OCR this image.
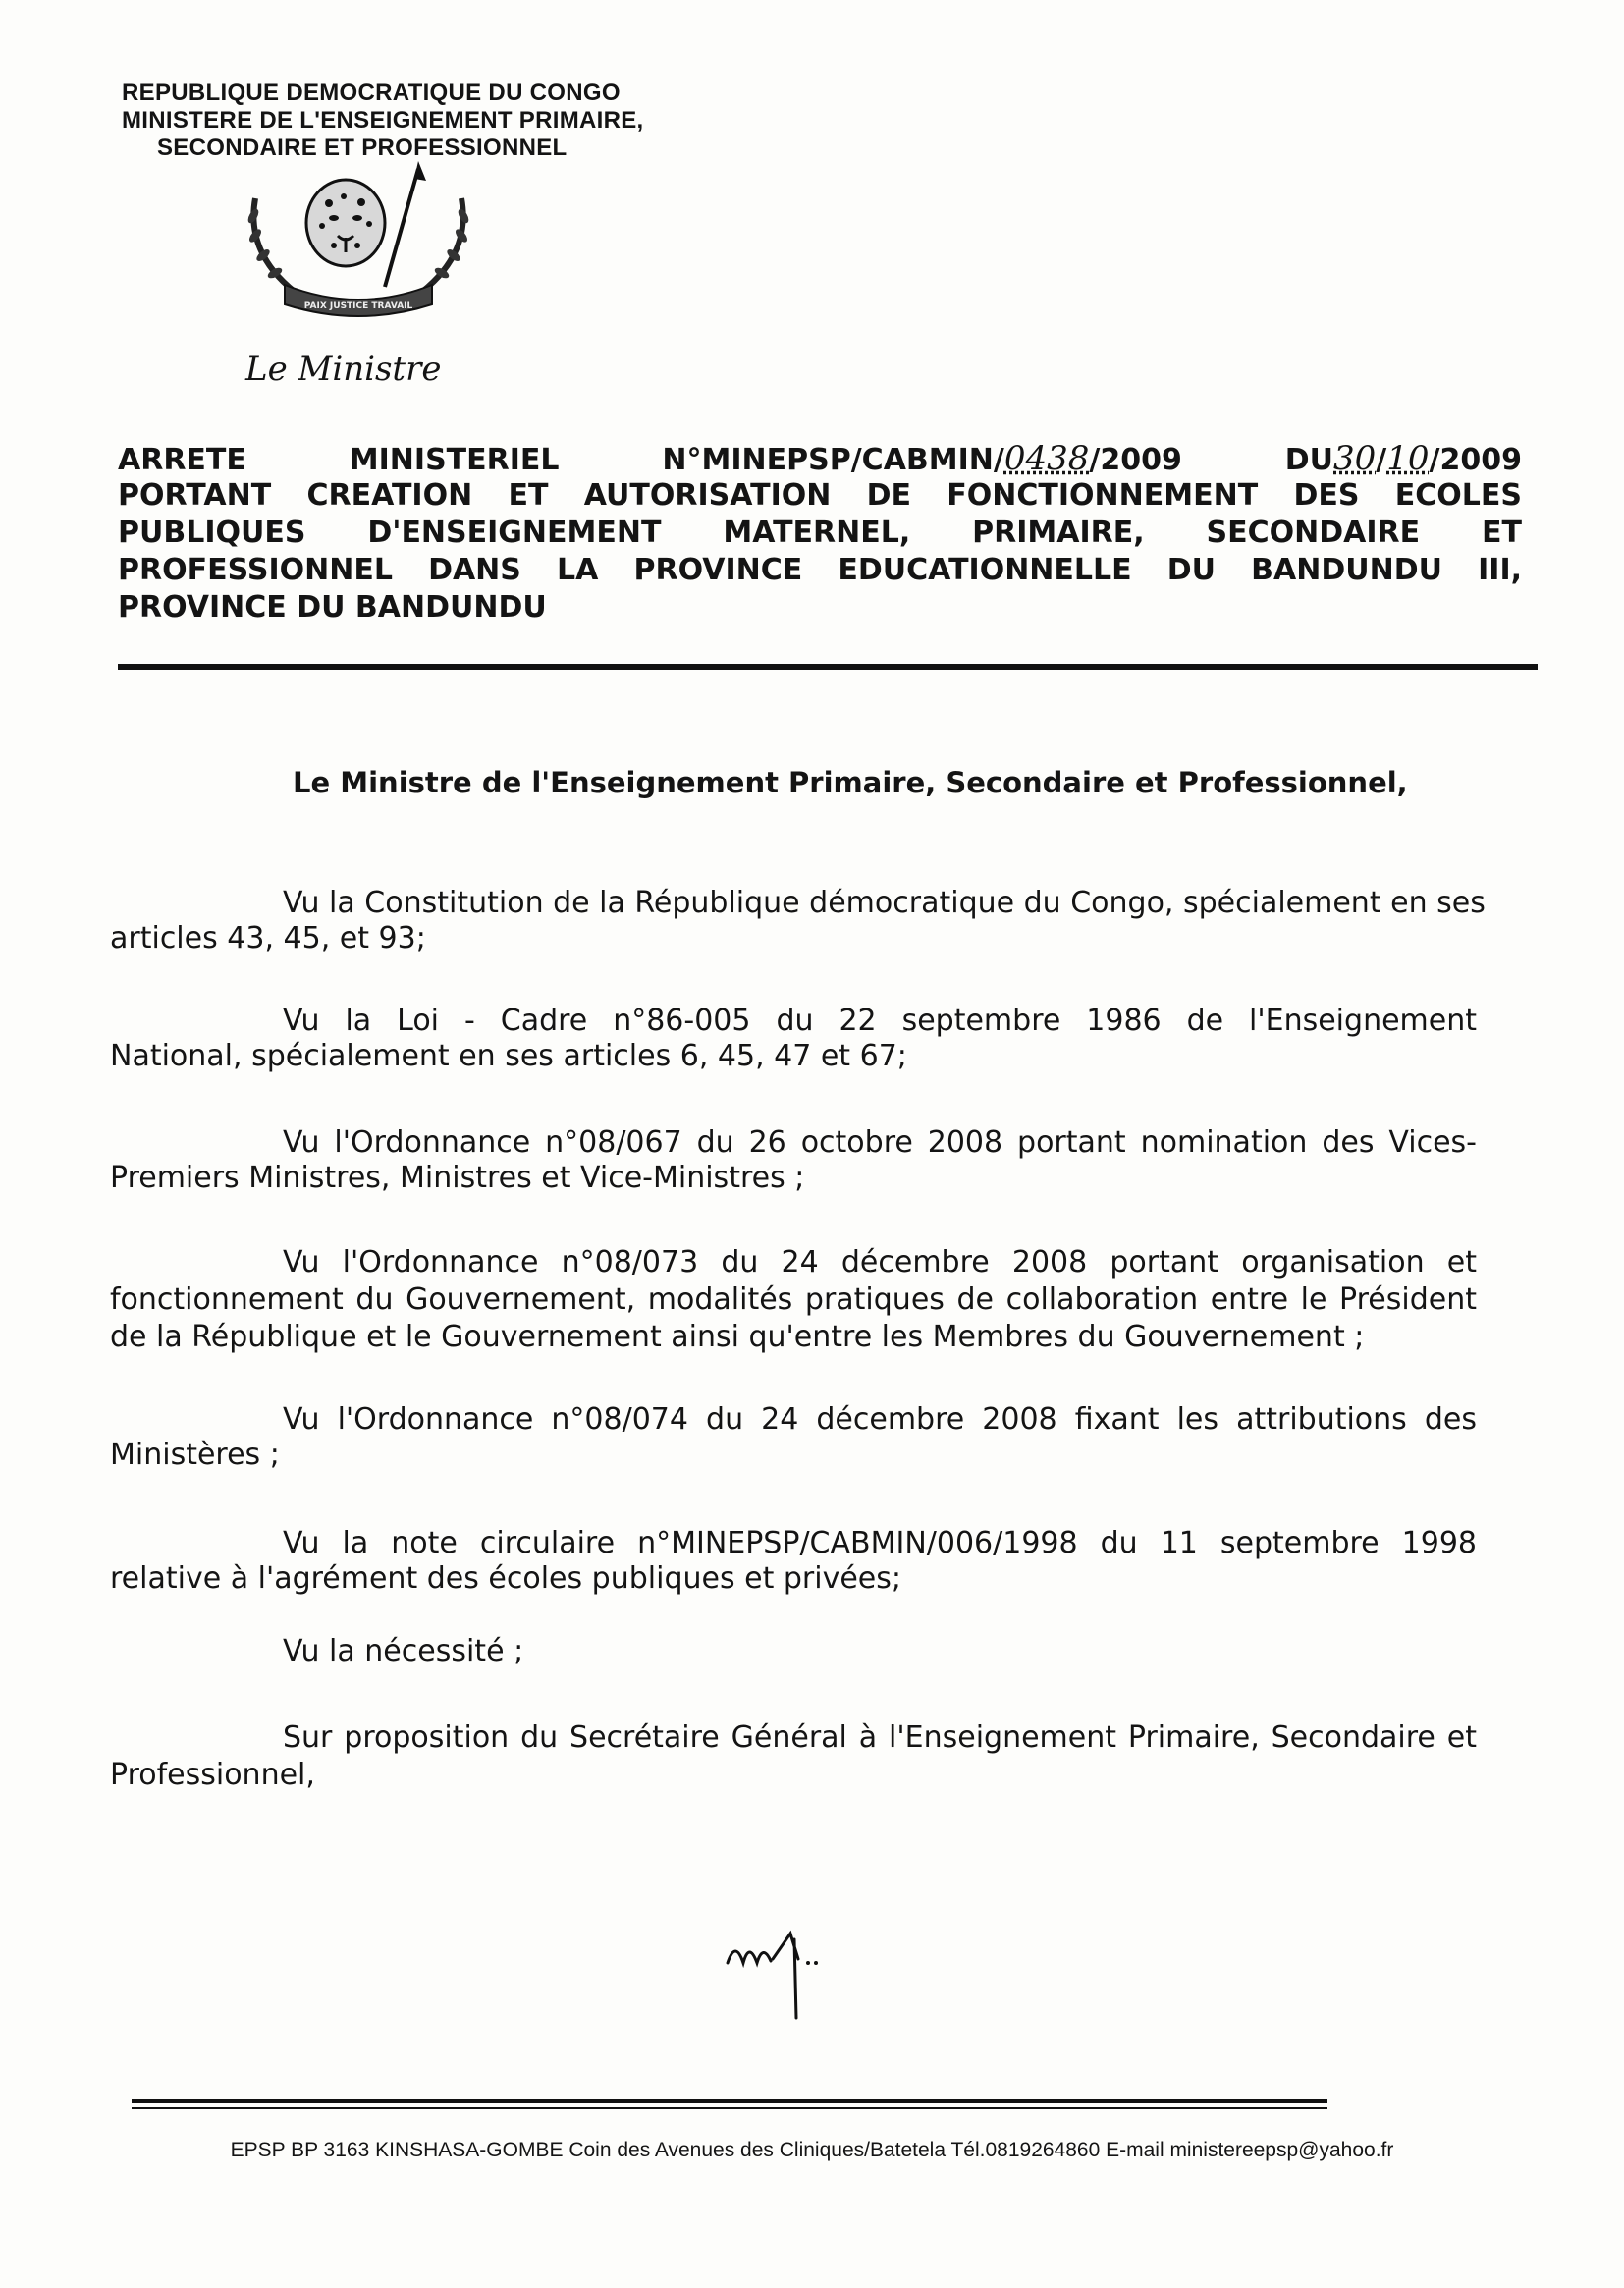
REPUBLIQUE DEMOCRATIQUE DU CONGO
MINISTERE DE L'ENSEIGNEMENT PRIMAIRE,
SECONDAIRE ET PROFESSIONNEL
PAIX JUSTICE TRAVAIL
Le Ministre
ARRETE	MINISTERIEL	N°MINEPSP/CABMIN/0438/2009	DU30/10/2009
PORTANT CREATION ET AUTORISATION DE FONCTIONNEMENT DES ECOLES
PUBLIQUES D'ENSEIGNEMENT MATERNEL, PRIMAIRE, SECONDAIRE ET
PROFESSIONNEL DANS LA PROVINCE EDUCATIONNELLE DU BANDUNDU III,
PROVINCE DU BANDUNDU
Le Ministre de l'Enseignement Primaire, Secondaire et Professionnel,
Vu la Constitution de la République démocratique du Congo, spécialement en ses
articles 43, 45, et 93;
Vu la Loi - Cadre n°86-005 du 22 septembre 1986 de l'Enseignement
National, spécialement en ses articles 6, 45, 47 et 67;
Vu l'Ordonnance n°08/067 du 26 octobre 2008 portant nomination des Vices-
Premiers Ministres, Ministres et Vice-Ministres ;
Vu l'Ordonnance n°08/073 du 24 décembre 2008 portant organisation et
fonctionnement du Gouvernement, modalités pratiques de collaboration entre le Président
de la République et le Gouvernement ainsi qu'entre les Membres du Gouvernement ;
Vu l'Ordonnance n°08/074 du 24 décembre 2008 fixant les attributions des
Ministères ;
Vu la note circulaire n°MINEPSP/CABMIN/006/1998 du 11 septembre 1998
relative à l'agrément des écoles publiques et privées;
Vu la nécessité ;
Sur proposition du Secrétaire Général à l'Enseignement Primaire, Secondaire et
Professionnel,
EPSP BP 3163 KINSHASA-GOMBE Coin des Avenues des Cliniques/Batetela Tél.0819264860 E-mail ministereepsp@yahoo.fr
